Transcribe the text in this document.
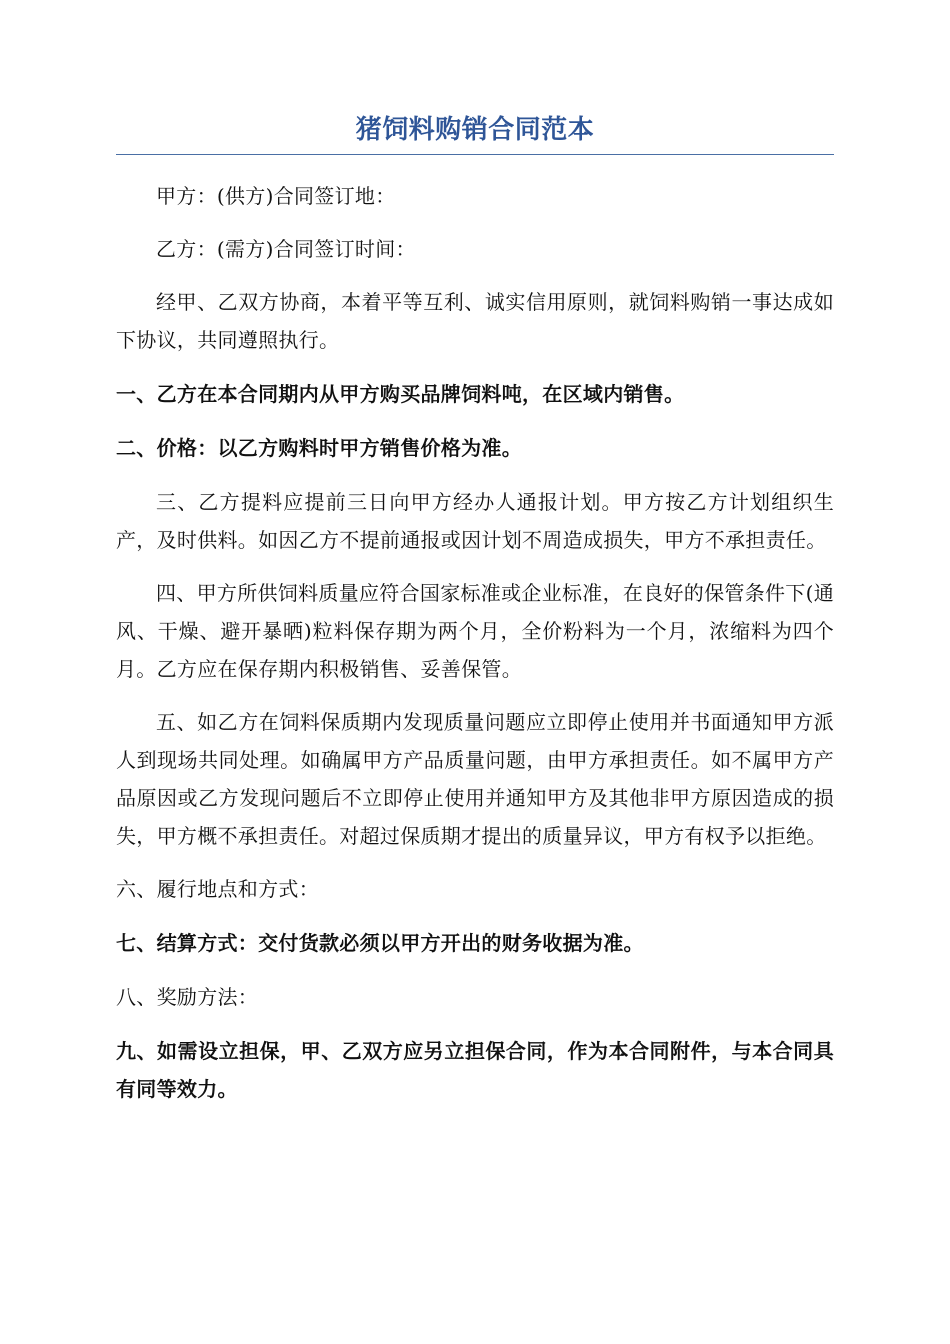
猪饲料购销合同范本

甲方：(供方)合同签订地：

乙方：(需方)合同签订时间：

经甲、乙双方协商，本着平等互利、诚实信用原则，就饲料购销一事达成如下协议，共同遵照执行。

一、乙方在本合同期内从甲方购买品牌饲料吨，在区域内销售。

二、价格：以乙方购料时甲方销售价格为准。

三、乙方提料应提前三日向甲方经办人通报计划。甲方按乙方计划组织生产，及时供料。如因乙方不提前通报或因计划不周造成损失，甲方不承担责任。

四、甲方所供饲料质量应符合国家标准或企业标准，在良好的保管条件下(通风、干燥、避开暴晒)粒料保存期为两个月，全价粉料为一个月，浓缩料为四个月。乙方应在保存期内积极销售、妥善保管。

五、如乙方在饲料保质期内发现质量问题应立即停止使用并书面通知甲方派人到现场共同处理。如确属甲方产品质量问题，由甲方承担责任。如不属甲方产品原因或乙方发现问题后不立即停止使用并通知甲方及其他非甲方原因造成的损失，甲方概不承担责任。对超过保质期才提出的质量异议，甲方有权予以拒绝。

六、履行地点和方式：

七、结算方式：交付货款必须以甲方开出的财务收据为准。

八、奖励方法：

九、如需设立担保，甲、乙双方应另立担保合同，作为本合同附件，与本合同具有同等效力。
